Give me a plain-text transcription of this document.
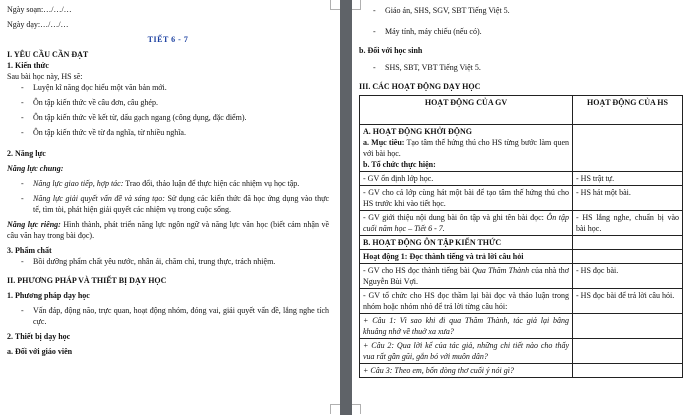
Ngày soạn:…/…/…

Ngày dạy:…/…/…

TIẾT 6 - 7

I. YÊU CẦU CẦN ĐẠT

1. Kiến thức

Sau bài học này, HS sẽ:

- Luyện kĩ năng đọc hiểu một văn bản mới.

- Ôn tập kiến thức về câu đơn, câu ghép.

- Ôn tập kiến thức về kết từ, dấu gạch ngang (công dụng, đặc điểm).

- Ôn tập kiến thức về từ đa nghĩa, từ nhiều nghĩa.

2. Năng lực

Năng lực chung:

- Năng lực giao tiếp, hợp tác: Trao đổi, thảo luận để thực hiện các nhiệm vụ học tập.

- Năng lực giải quyết vấn đề và sáng tạo: Sử dụng các kiến thức đã học ứng dụng vào thực tế, tìm tòi, phát hiện giải quyết các nhiệm vụ trong cuộc sống.

Năng lực riêng: Hình thành, phát triển năng lực ngôn ngữ và năng lực văn học (biết cảm nhận về câu văn hay trong bài đọc).

3. Phẩm chất

- Bồi dưỡng phẩm chất yêu nước, nhân ái, chăm chỉ, trung thực, trách nhiệm.

II. PHƯƠNG PHÁP VÀ THIẾT BỊ DẠY HỌC

1. Phương pháp dạy học

- Vấn đáp, động não, trực quan, hoạt động nhóm, đóng vai, giải quyết vấn đề, lắng nghe tích cực.

2. Thiết bị dạy học

a. Đối với giáo viên

- Giáo án, SHS, SGV, SBT Tiếng Việt 5.

- Máy tính, máy chiếu (nếu có).

b. Đối với học sinh

- SHS, SBT, VBT Tiếng Việt 5.

III. CÁC HOẠT ĐỘNG DẠY HỌC

HOẠT ĐỘNG CỦA GV	HOẠT ĐỘNG CỦA HS

A. HOẠT ĐỘNG KHỞI ĐỘNG

a. Mục tiêu: Tạo tâm thế hứng thú cho HS từng bước làm quen với bài học.

b. Tổ chức thực hiện:	

- GV ổn định lớp học.	- HS trật tự.

- GV cho cả lớp cùng hát một bài để tạo tâm thế hứng thú cho HS trước khi vào tiết học.	- HS hát một bài.

- GV giới thiệu nội dung bài ôn tập và ghi tên bài đọc: Ôn tập cuối năm học – Tiết 6 - 7.	- HS lắng nghe, chuẩn bị vào bài học.

B. HOẠT ĐỘNG ÔN TẬP KIẾN THỨC	

Hoạt động 1: Đọc thành tiếng và trả lời câu hỏi	

- GV cho HS đọc thành tiếng bài Qua Thăm Thành của nhà thơ Nguyễn Bùi Vợi.	- HS đọc bài.

- GV tổ chức cho HS đọc thầm lại bài đọc và thảo luận trong nhóm hoặc nhóm nhỏ để trả lời từng câu hỏi:	- HS đọc bài để trả lời câu hỏi.

+ Câu 1: Vì sao khi đi qua Thăm Thành, tác giả lại bâng khuâng nhớ về thuở xa xưa?	

+ Câu 2: Qua lời kể của tác giả, những chi tiết nào cho thấy vua rất gần gũi, gắn bó với muôn dân?	

+ Câu 3: Theo em, bốn dòng thơ cuối ý nói gì?	
